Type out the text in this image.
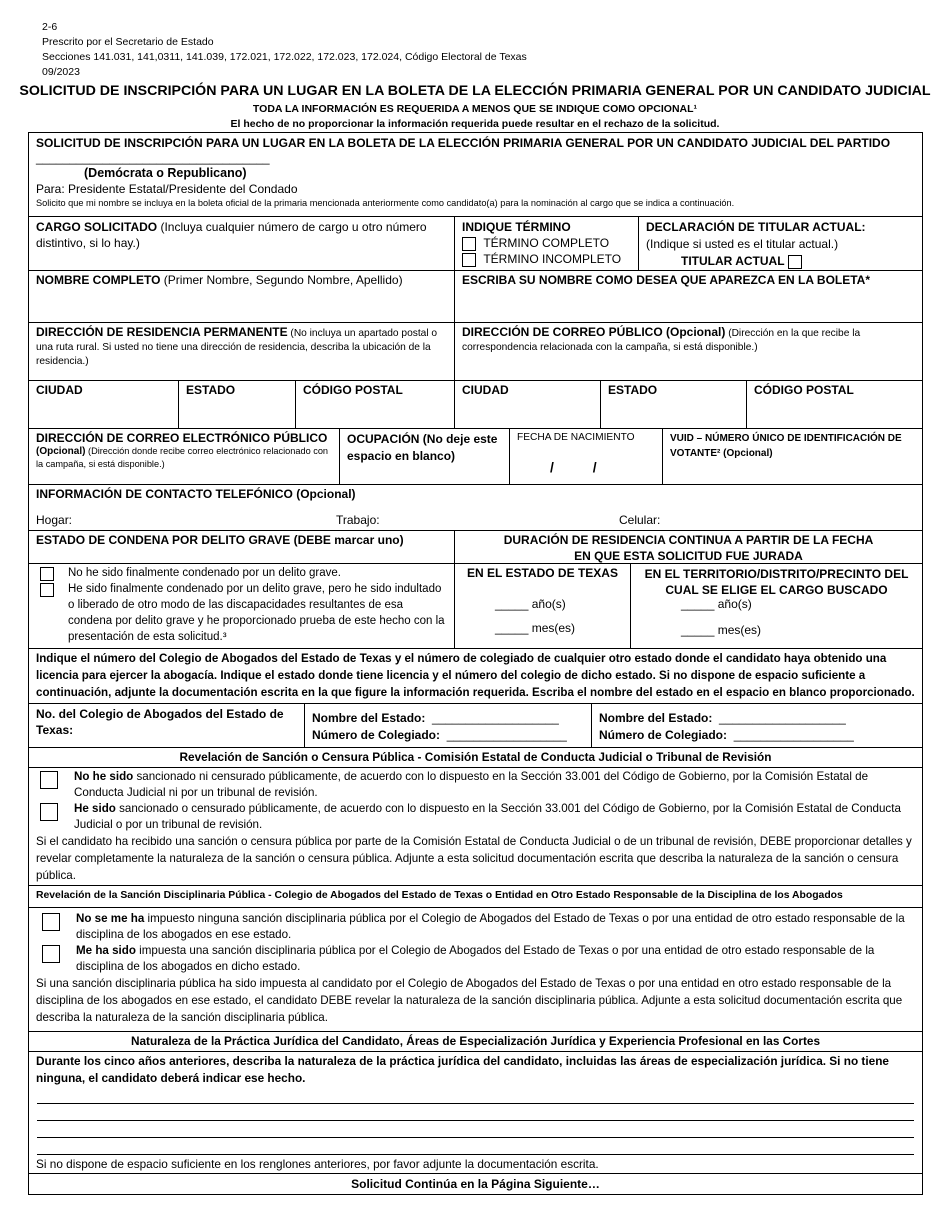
2-6
Prescrito por el Secretario de Estado
Secciones 141.031, 141,0311, 141.039, 172.021, 172.022, 172.023, 172.024, Código Electoral de Texas
09/2023
SOLICITUD DE INSCRIPCIÓN PARA UN LUGAR EN LA BOLETA DE LA ELECCIÓN PRIMARIA GENERAL POR UN CANDIDATO JUDICIAL
TODA LA INFORMACIÓN ES REQUERIDA A MENOS QUE SE INDIQUE COMO OPCIONAL¹
El hecho de no proporcionar la información requerida puede resultar en el rechazo de la solicitud.
SOLICITUD DE INSCRIPCIÓN PARA UN LUGAR EN LA BOLETA DE LA ELECCIÓN PRIMARIA GENERAL POR UN CANDIDATO JUDICIAL DEL PARTIDO
___________________________________
(Demócrata o Republicano)
Para: Presidente Estatal/Presidente del Condado
Solicito que mi nombre se incluya en la boleta oficial de la primaria mencionada anteriormente como candidato(a) para la nominación al cargo que se indica a continuación.
CARGO SOLICITADO (Incluya cualquier número de cargo u otro número distintivo, si lo hay.)
INDIQUE TÉRMINO
TÉRMINO COMPLETO
TÉRMINO INCOMPLETO
DECLARACIÓN DE TITULAR ACTUAL:
(Indique si usted es el titular actual.)
TITULAR ACTUAL
NOMBRE COMPLETO (Primer Nombre, Segundo Nombre, Apellido)	ESCRIBA SU NOMBRE COMO DESEA QUE APAREZCA EN LA BOLETA*
DIRECCIÓN DE RESIDENCIA PERMANENTE (No incluya un apartado postal o una ruta rural. Si usted no tiene una dirección de residencia, describa la ubicación de la residencia.)
DIRECCIÓN DE CORREO PÚBLICO (Opcional) (Dirección en la que recibe la correspondencia relacionada con la campaña, si está disponible.)
CIUDAD	ESTADO	CÓDIGO POSTAL	CIUDAD	ESTADO	CÓDIGO POSTAL
DIRECCIÓN DE CORREO ELECTRÓNICO PÚBLICO
(Opcional) (Dirección donde recibe correo electrónico relacionado con la campaña, si está disponible.)
OCUPACIÓN (No deje este espacio en blanco)
FECHA DE NACIMIENTO
/          /
VUID – NÚMERO ÚNICO DE IDENTIFICACIÓN DE VOTANTE² (Opcional)
INFORMACIÓN DE CONTACTO TELEFÓNICO (Opcional)
Hogar:	Trabajo:	Celular:
ESTADO DE CONDENA POR DELITO GRAVE (DEBE marcar uno)	DURACIÓN DE RESIDENCIA CONTINUA A PARTIR DE LA FECHA EN QUE ESTA SOLICITUD FUE JURADA
No he sido finalmente condenado por un delito grave.
He sido finalmente condenado por un delito grave, pero he sido indultado o liberado de otro modo de las discapacidades resultantes de esa condena por delito grave y he proporcionado prueba de este hecho con la presentación de esta solicitud.³
EN EL ESTADO DE TEXAS
_____ año(s)
_____ mes(es)
EN EL TERRITORIO/DISTRITO/PRECINTO DEL CUAL SE ELIGE EL CARGO BUSCADO
_____ año(s)
_____ mes(es)
Indique el número del Colegio de Abogados del Estado de Texas y el número de colegiado de cualquier otro estado donde el candidato haya obtenido una licencia para ejercer la abogacía. Indique el estado donde tiene licencia y el número del colegio de dicho estado. Si no dispone de espacio suficiente a continuación, adjunte la documentación escrita en la que figure la información requerida. Escriba el nombre del estado en el espacio en blanco proporcionado.
No. del Colegio de Abogados del Estado de Texas:
Nombre del Estado: ___________________
Número de Colegiado: __________________
Nombre del Estado: ___________________
Número de Colegiado: __________________
Revelación de Sanción o Censura Pública - Comisión Estatal de Conducta Judicial o Tribunal de Revisión
No he sido sancionado ni censurado públicamente, de acuerdo con lo dispuesto en la Sección 33.001 del Código de Gobierno, por la Comisión Estatal de Conducta Judicial ni por un tribunal de revisión.
He sido sancionado o censurado públicamente, de acuerdo con lo dispuesto en la Sección 33.001 del Código de Gobierno, por la Comisión Estatal de Conducta Judicial o por un tribunal de revisión.
Si el candidato ha recibido una sanción o censura pública por parte de la Comisión Estatal de Conducta Judicial o de un tribunal de revisión, DEBE proporcionar detalles y revelar completamente la naturaleza de la sanción o censura pública. Adjunte a esta solicitud documentación escrita que describa la naturaleza de la sanción o censura pública.
Revelación de la Sanción Disciplinaria Pública - Colegio de Abogados del Estado de Texas o Entidad en Otro Estado Responsable de la Disciplina de los Abogados
No se me ha impuesto ninguna sanción disciplinaria pública por el Colegio de Abogados del Estado de Texas o por una entidad de otro estado responsable de la disciplina de los abogados en ese estado.
Me ha sido impuesta una sanción disciplinaria pública por el Colegio de Abogados del Estado de Texas o por una entidad de otro estado responsable de la disciplina de los abogados en dicho estado.
Si una sanción disciplinaria pública ha sido impuesta al candidato por el Colegio de Abogados del Estado de Texas o por una entidad en otro estado responsable de la disciplina de los abogados en ese estado, el candidato DEBE revelar la naturaleza de la sanción disciplinaria pública. Adjunte a esta solicitud documentación escrita que describa la naturaleza de la sanción disciplinaria pública.
Naturaleza de la Práctica Jurídica del Candidato, Áreas de Especialización Jurídica y Experiencia Profesional en las Cortes
Durante los cinco años anteriores, describa la naturaleza de la práctica jurídica del candidato, incluidas las áreas de especialización jurídica. Si no tiene ninguna, el candidato deberá indicar ese hecho.
Si no dispone de espacio suficiente en los renglones anteriores, por favor adjunte la documentación escrita.
Solicitud Continúa en la Página Siguiente…
